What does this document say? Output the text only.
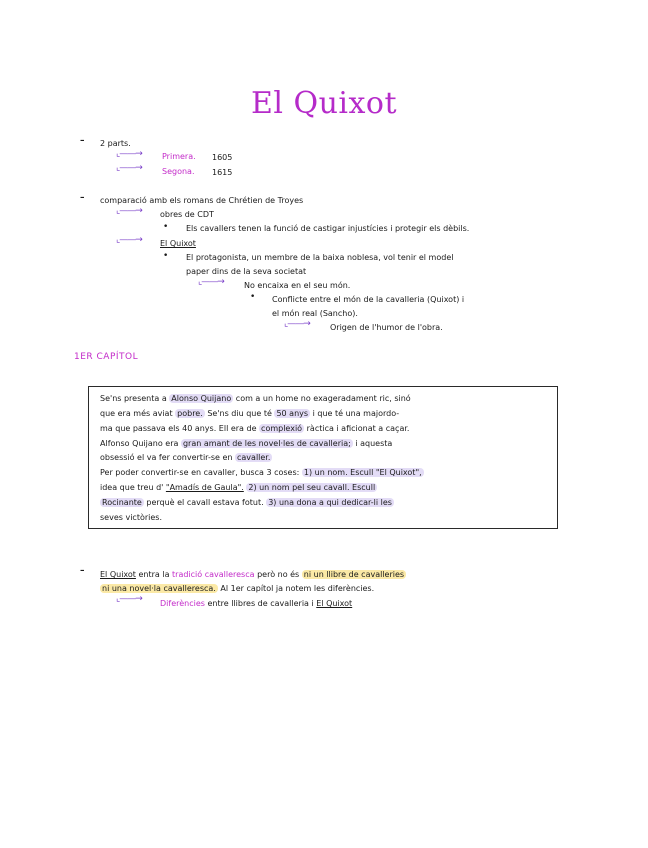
El Quixot
– 2 parts.
⌞——→	Primera. 1605
⌞——→	Segona. 1615
– comparació amb els romans de Chrétien de Troyes
⌞——→ obres de CDT
• Els cavallers tenen la funció de castigar injustícies i protegir els dèbils.
⌞——→ El Quixot
• El protagonista, un membre de la baixa noblesa, vol tenir el model
paper dins de la seva societat
⌞——→	No encaixa en el seu món.
• Conflicte entre el món de la cavalleria (Quixot) i
el món real (Sancho).
⌞——→	Origen de l'humor de l'obra.
1ER CAPÍTOL
Se'ns presenta a Alonso Quijano com a un home no exageradament ric, sinó
que era més aviat pobre. Se'ns diu que té 50 anys i que té una majordo-
ma que passava els 40 anys. Ell era de complexió ràctica i aficionat a caçar.
Alfonso Quijano era gran amant de les novel·les de cavalleria; i aquesta
obsessió el va fer convertir-se en cavaller.
Per poder convertir-se en cavaller, busca 3 coses: 1) un nom. Escull "El Quixot",
idea que treu d' "Amadís de Gaula". 2) un nom pel seu cavall. Escull
Rocinante perquè el cavall estava fotut. 3) una dona a qui dedicar-li les
seves victòries.
– El Quixot entra la tradició cavalleresca però no és ni un llibre de cavalleries
ni una novel·la cavalleresca. Al 1er capítol ja notem les diferències.
⌞——→ Diferències entre llibres de cavalleria i El Quixot
